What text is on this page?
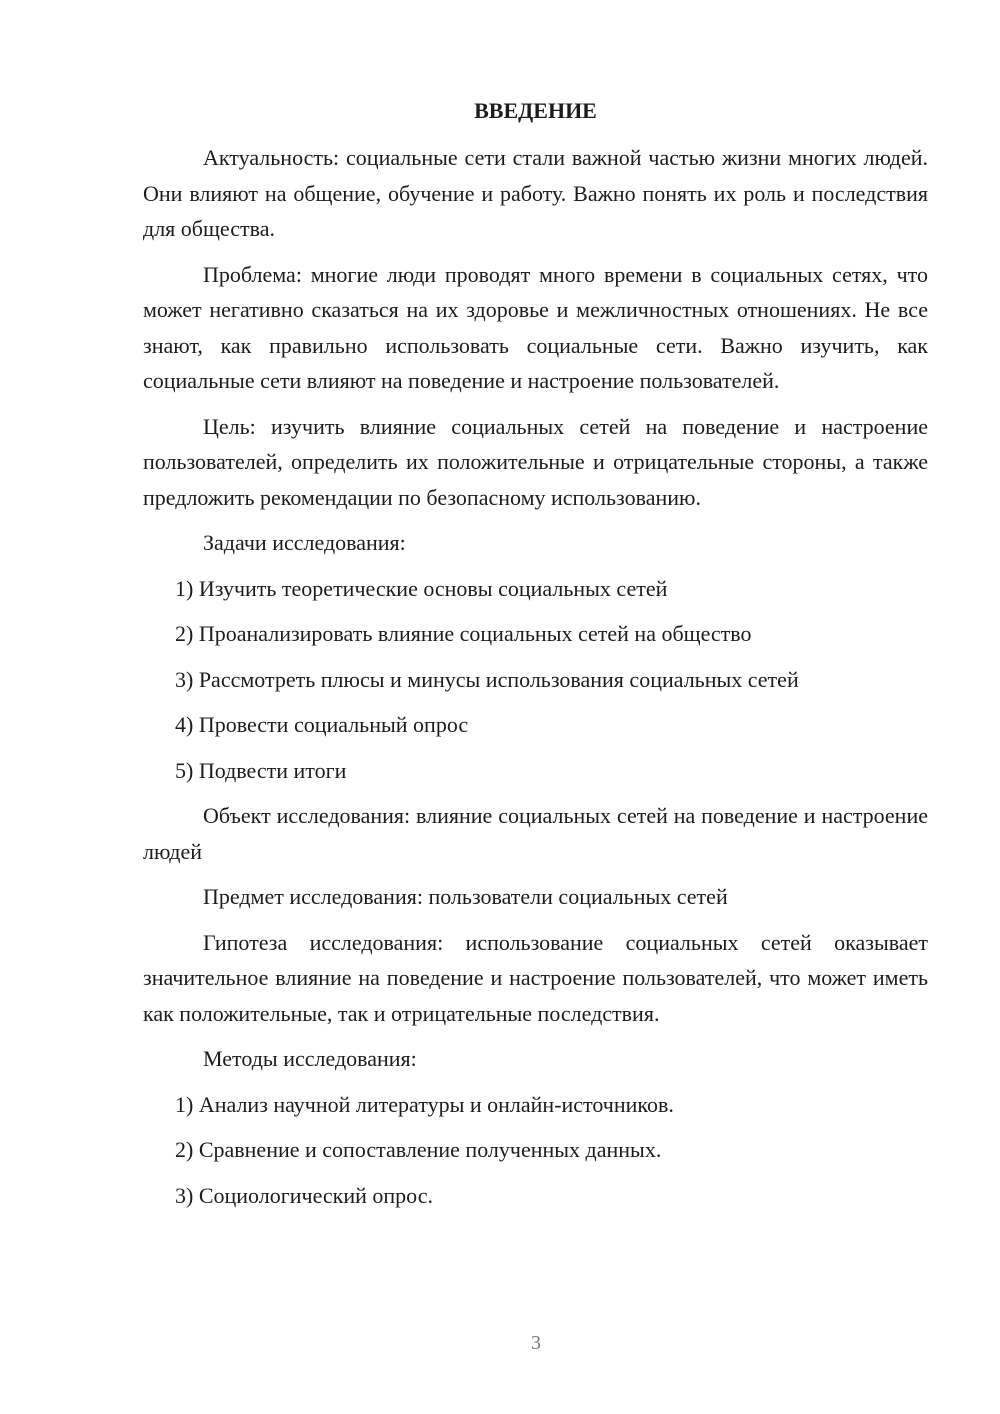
ВВЕДЕНИЕ

Актуальность: социальные сети стали важной частью жизни многих людей. Они влияют на общение, обучение и работу. Важно понять их роль и последствия для общества.

Проблема: многие люди проводят много времени в социальных сетях, что может негативно сказаться на их здоровье и межличностных отношениях. Не все знают, как правильно использовать социальные сети. Важно изучить, как социальные сети влияют на поведение и настроение пользователей.

Цель: изучить влияние социальных сетей на поведение и настроение пользователей, определить их положительные и отрицательные стороны, а также предложить рекомендации по безопасному использованию.

Задачи исследования:

1) Изучить теоретические основы социальных сетей
2) Проанализировать влияние социальных сетей на общество
3) Рассмотреть плюсы и минусы использования социальных сетей
4) Провести социальный опрос
5) Подвести итоги

Объект исследования: влияние социальных сетей на поведение и настроение людей

Предмет исследования: пользователи социальных сетей

Гипотеза исследования: использование социальных сетей оказывает значительное влияние на поведение и настроение пользователей, что может иметь как положительные, так и отрицательные последствия.

Методы исследования:

1) Анализ научной литературы и онлайн-источников.
2) Сравнение и сопоставление полученных данных.
3) Социологический опрос.
3
